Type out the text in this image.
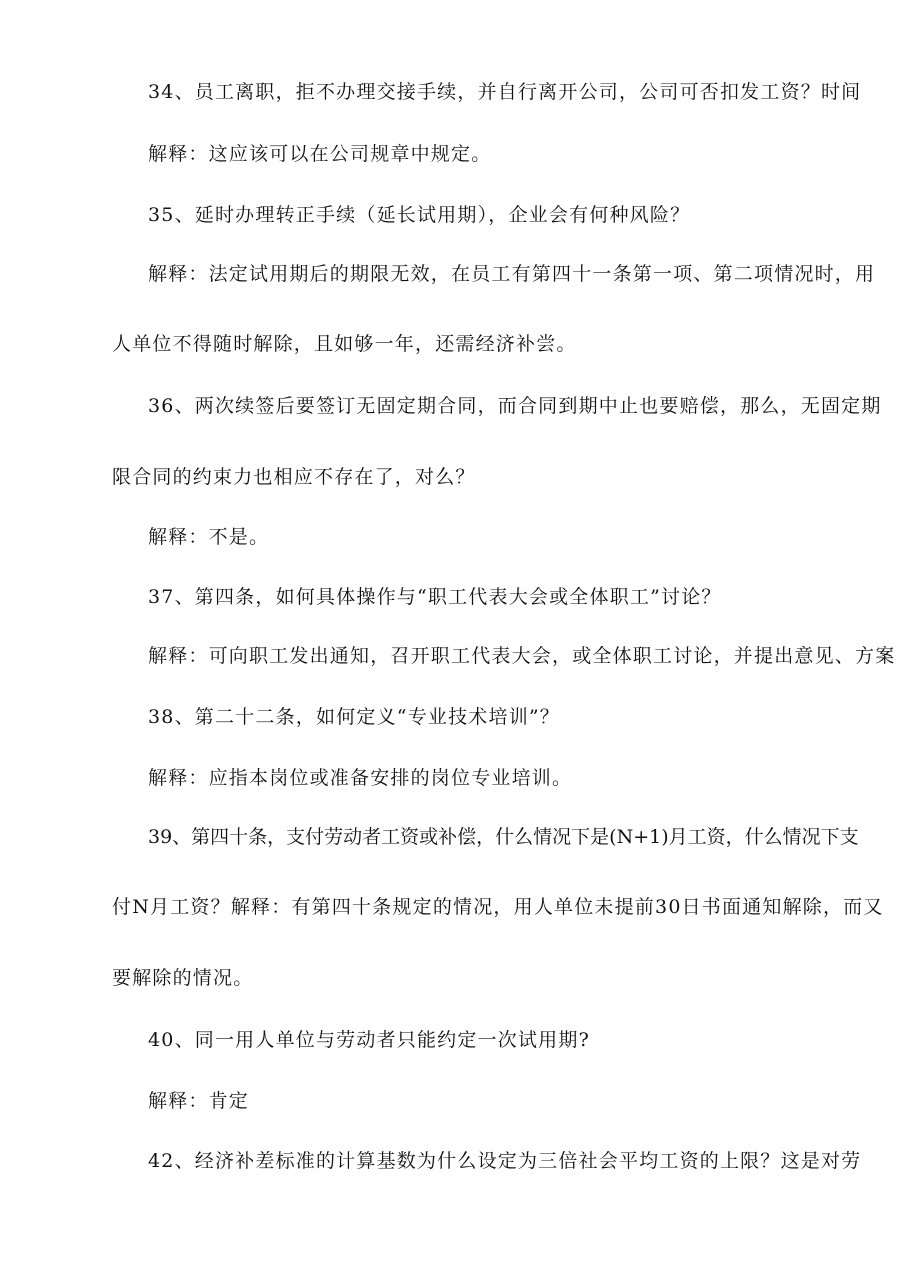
34、员工离职，拒不办理交接手续，并自行离开公司，公司可否扣发工资？时间
解释：这应该可以在公司规章中规定。
35、延时办理转正手续（延长试用期），企业会有何种风险？
解释：法定试用期后的期限无效，在员工有第四十一条第一项、第二项情况时，用
人单位不得随时解除，且如够一年，还需经济补尝。
36、两次续签后要签订无固定期合同，而合同到期中止也要赔偿，那么，无固定期
限合同的约束力也相应不存在了，对么？
解释：不是。
37、第四条，如何具体操作与“职工代表大会或全体职工”讨论？
解释：可向职工发出通知，召开职工代表大会，或全体职工讨论，并提出意见、方案
38、第二十二条，如何定义“专业技术培训”？
解释：应指本岗位或准备安排的岗位专业培训。
39、第四十条，支付劳动者工资或补偿，什么情况下是(N+1)月工资，什么情况下支
付N月工资？解释：有第四十条规定的情况，用人单位未提前30日书面通知解除，而又
要解除的情况。
40、同一用人单位与劳动者只能约定一次试用期?
解释：肯定
42、经济补差标准的计算基数为什么设定为三倍社会平均工资的上限？这是对劳
